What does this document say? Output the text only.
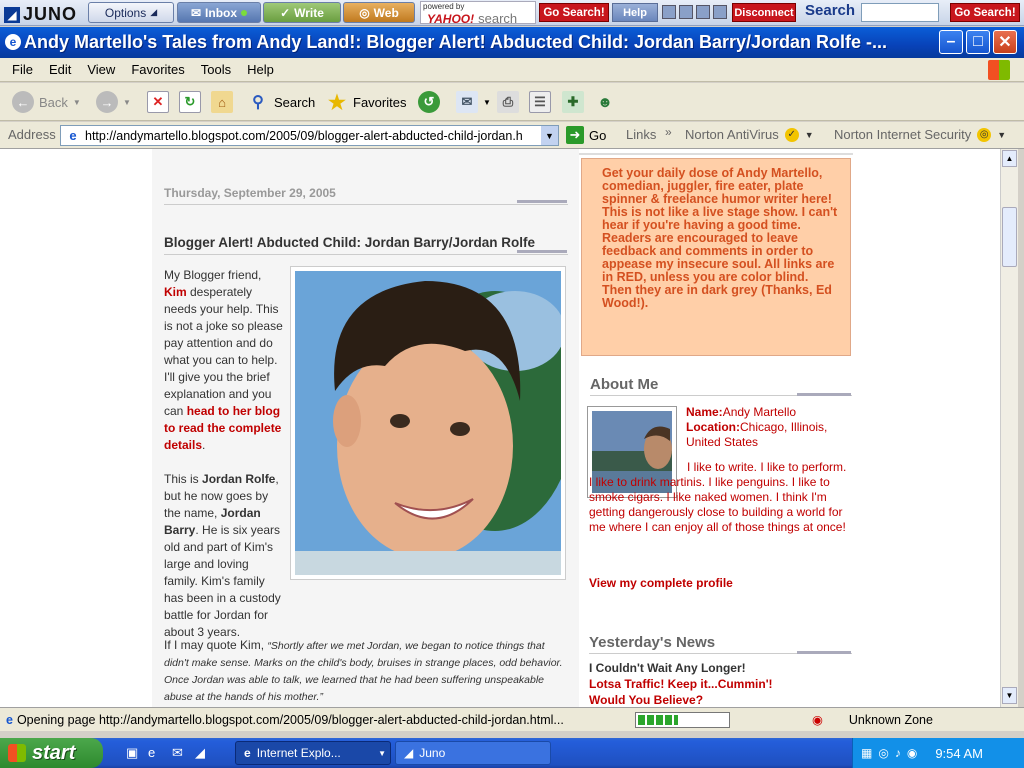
◢ JUNO Options ◢	✉ Inbox	✓ Write	◎ Web	powered by
YAHOO! search	Go Search!	Help	Disconnect Search	Go Search!
e Andy Martello's Tales from Andy Land!: Blogger Alert! Abducted Child: Jordan Barry/Jordan Rolfe -...	–	□ ✕
File	Edit	View	Favorites	Tools	Help
← Back ▼	→	▼	✕	↻	⌂	⚲ Search ★ Favorites	↺	✉	▼ ⎙	☰	✚	☻
Address	e http://andymartello.blogspot.com/2005/09/blogger-alert-abducted-child-jordan.h	▼	➜ Go Links » Norton AntiVirus ✓ ▼ Norton Internet Security ◎ ▼
Thursday, September 29, 2005
Blogger Alert! Abducted Child: Jordan Barry/Jordan Rolfe
My Blogger friend, Kim desperately needs your help. This is not a joke so please pay attention and do what you can to help. I'll give you the brief explanation and you can head to her blog to read the complete details.
This is Jordan Rolfe, but he now goes by the name, Jordan Barry. He is six years old and part of Kim's large and loving family. Kim's family has been in a custody battle for Jordan for about 3 years.
If I may quote Kim, “Shortly after we met Jordan, we began to notice things that didn't make sense. Marks on the child's body, bruises in strange places, odd behavior. Once Jordan was able to talk, we learned that he had been suffering unspeakable abuse at the hands of his mother.”
Get your daily dose of Andy Martello, comedian, juggler, fire eater, plate spinner & freelance humor writer here! This is not like a live stage show. I can't hear if you're having a good time. Readers are encouraged to leave feedback and comments in order to appease my insecure soul. All links are in RED, unless you are color blind. Then they are in dark grey (Thanks, Ed Wood!).
About Me
Name:Andy Martello
Location:Chicago, Illinois, United States
I like to write. I like to perform. I like to drink martinis. I like penguins. I like to smoke cigars. I like naked women. I think I'm getting dangerously close to building a world for me where I can enjoy all of those things at once!
View my complete profile
Yesterday's News
I Couldn't Wait Any Longer!
Lotsa Traffic! Keep it...Cummin'!
Would You Believe?
▲
▼
e Opening page http://andymartello.blogspot.com/2005/09/blogger-alert-abducted-child-jordan.html...	◉ Unknown Zone
start	▣ e ✉ ◢	e Internet Explo...	▼	◢ Juno	▦ ◎ ♪ ◉ 9:54 AM
